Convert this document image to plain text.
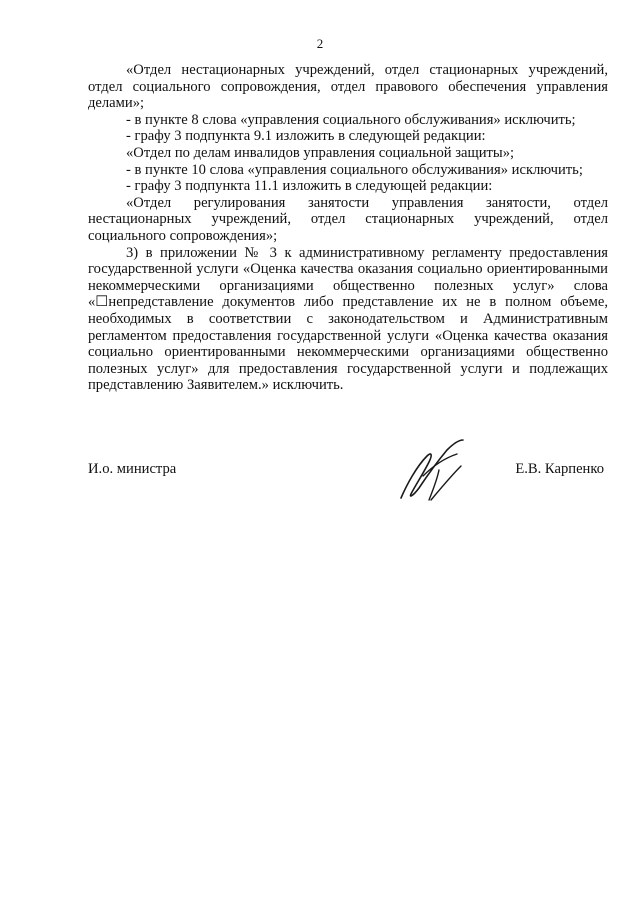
2

«Отдел нестационарных учреждений, отдел стационарных учреждений, отдел социального сопровождения, отдел правового обеспечения управления делами»;

- в пункте 8 слова «управления социального обслуживания» исключить;

- графу 3 подпункта 9.1 изложить в следующей редакции:

«Отдел по делам инвалидов управления социальной защиты»;

- в пункте 10 слова «управления социального обслуживания» исключить;

- графу 3 подпункта 11.1 изложить в следующей редакции:

«Отдел регулирования занятости управления занятости, отдел нестационарных учреждений, отдел стационарных учреждений, отдел социального сопровождения»;

3) в приложении № 3 к административному регламенту предоставления государственной услуги «Оценка качества оказания социально ориентированными некоммерческими организациями общественно полезных услуг» слова «☐непредставление документов либо представление их не в полном объеме, необходимых в соответствии с законодательством и Административным регламентом предоставления государственной услуги «Оценка качества оказания социально ориентированными некоммерческими организациями общественно полезных услуг» для предоставления государственной услуги и подлежащих представлению Заявителем.» исключить.

И.о. министра	Е.В. Карпенко
